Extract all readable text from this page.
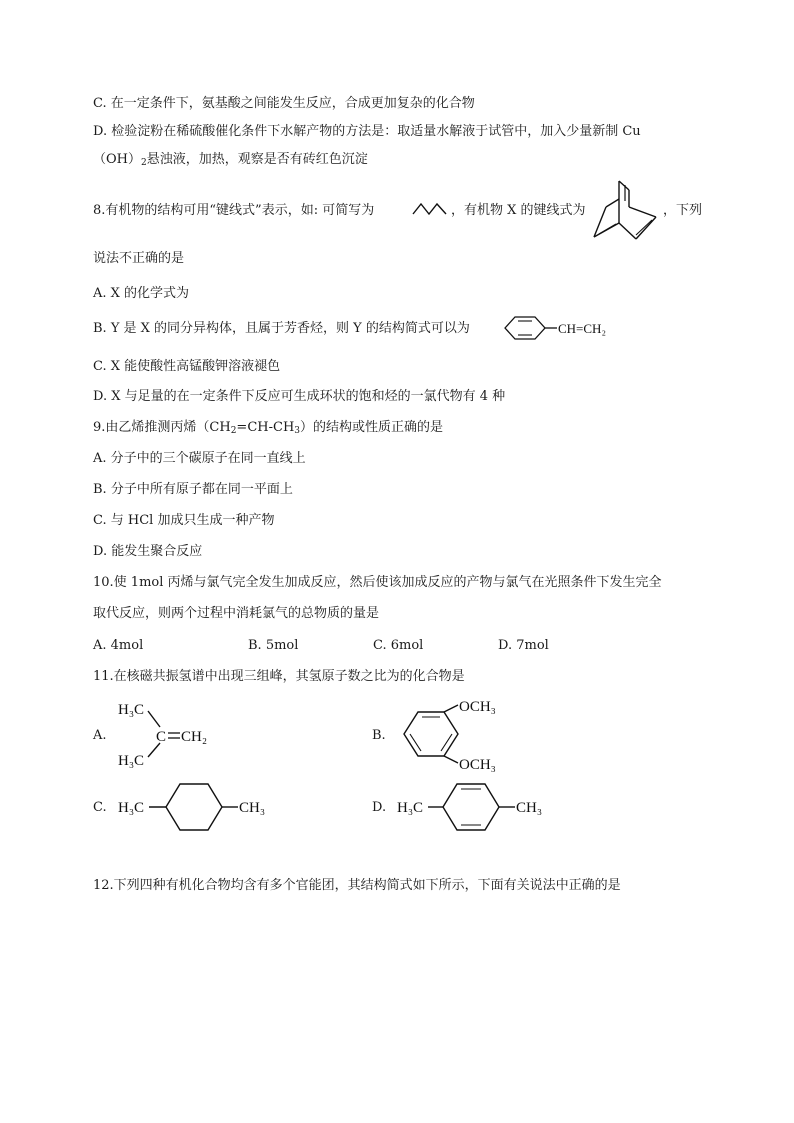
C. 在一定条件下，氨基酸之间能发生反应，合成更加复杂的化合物
D. 检验淀粉在稀硫酸催化条件下水解产物的方法是：取适量水解液于试管中，加入少量新制 Cu
$(OH)_2$悬浊液，加热，观察是否有砖红色沉淀
8.有机物的结构可用“键线式”表示，如: 可简写为	，有机物 X 的键线式为	，下列
说法不正确的是
A. X 的化学式为
B. Y 是 X 的同分异构体，且属于芳香烃，则 Y 的结构简式可以为	CH=CH₂
C. X 能使酸性高锰酸钾溶液褪色
D. X 与足量的在一定条件下反应可生成环状的饱和烃的一氯代物有 4 种
9.由乙烯推测丙烯$(CH_2=CH-CH_3)$的结构或性质正确的是
A. 分子中的三个碳原子在同一直线上
B. 分子中所有原子都在同一平面上
C. 与 HCl 加成只生成一种产物
D. 能发生聚合反应
10.使 1mol 丙烯与氯气完全发生加成反应，然后使该加成反应的产物与氯气在光照条件下发生完全
取代反应，则两个过程中消耗氯气的总物质的量是
A. 4mol	B. 5mol	C. 6mol	D. 7mol
11.在核磁共振氢谱中出现三组峰，其氢原子数之比为的化合物是
A.
H₃C
C CH₂
H₃C
B.
OCH₃
OCH₃
C. H₃C	CH₃	D. H₃C	CH₃
12.下列四种有机化合物均含有多个官能团，其结构简式如下所示，下面有关说法中正确的是
